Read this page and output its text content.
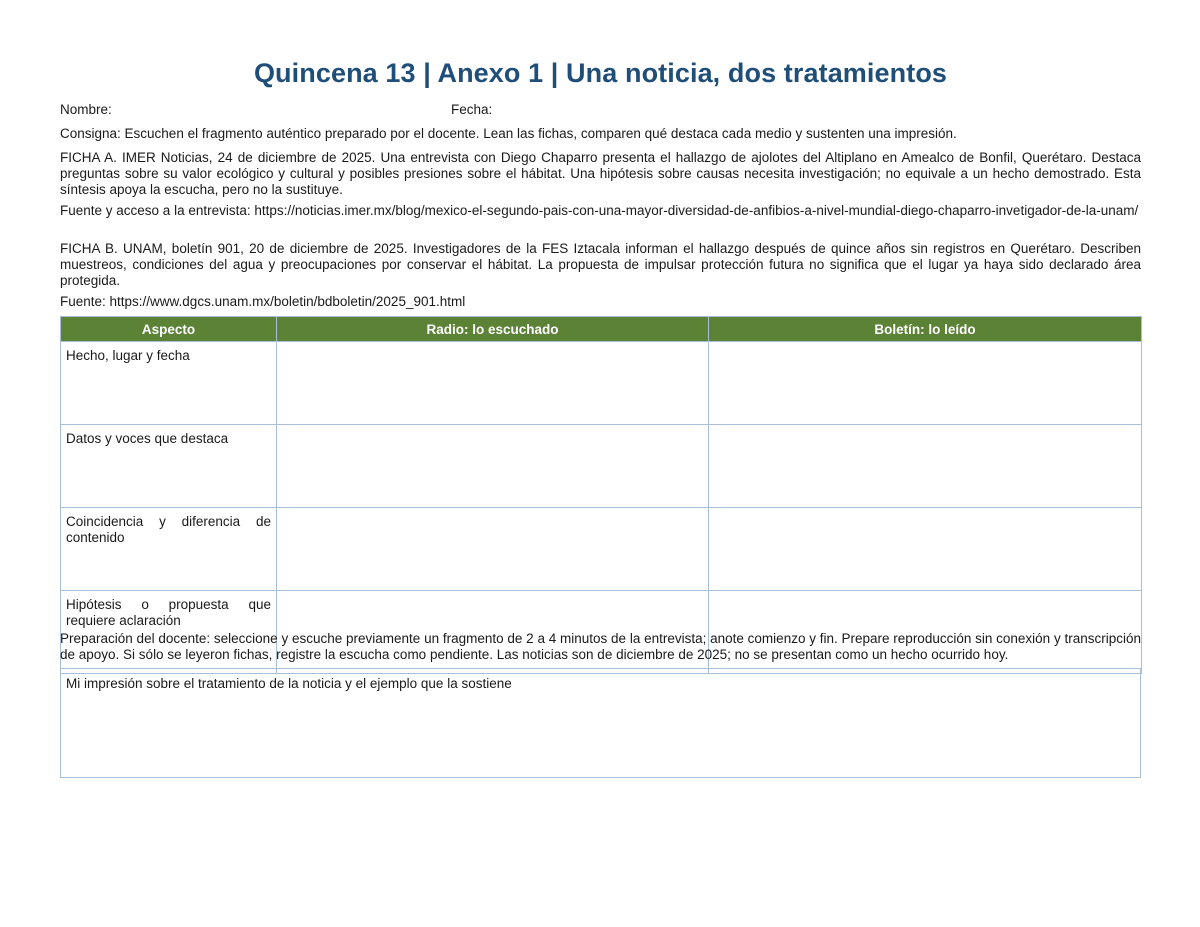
Quincena 13 | Anexo 1 | Una noticia, dos tratamientos
Nombre:	Fecha:
Consigna: Escuchen el fragmento auténtico preparado por el docente. Lean las fichas, comparen qué destaca cada medio y sustenten una impresión.
FICHA A. IMER Noticias, 24 de diciembre de 2025. Una entrevista con Diego Chaparro presenta el hallazgo de ajolotes del Altiplano en Amealco de Bonfil, Querétaro. Destaca preguntas sobre su valor ecológico y cultural y posibles presiones sobre el hábitat. Una hipótesis sobre causas necesita investigación; no equivale a un hecho demostrado. Esta síntesis apoya la escucha, pero no la sustituye.
Fuente y acceso a la entrevista: https://noticias.imer.mx/blog/mexico-el-segundo-pais-con-una-mayor-diversidad-de-anfibios-a-nivel-mundial-diego-chaparro-invetigador-de-la-unam/
FICHA B. UNAM, boletín 901, 20 de diciembre de 2025. Investigadores de la FES Iztacala informan el hallazgo después de quince años sin registros en Querétaro. Describen muestreos, condiciones del agua y preocupaciones por conservar el hábitat. La propuesta de impulsar protección futura no significa que el lugar ya haya sido declarado área protegida.
Fuente: https://www.dgcs.unam.mx/boletin/bdboletin/2025_901.html
Aspecto	Radio: lo escuchado	Boletín: lo leído
Hecho, lugar y fecha		
Datos y voces que destaca		
Coincidencia y diferencia de contenido		
Hipótesis o propuesta que requiere aclaración		
Preparación del docente: seleccione y escuche previamente un fragmento de 2 a 4 minutos de la entrevista; anote comienzo y fin. Prepare reproducción sin conexión y transcripción de apoyo. Si sólo se leyeron fichas, registre la escucha como pendiente. Las noticias son de diciembre de 2025; no se presentan como un hecho ocurrido hoy.
Mi impresión sobre el tratamiento de la noticia y el ejemplo que la sostiene
